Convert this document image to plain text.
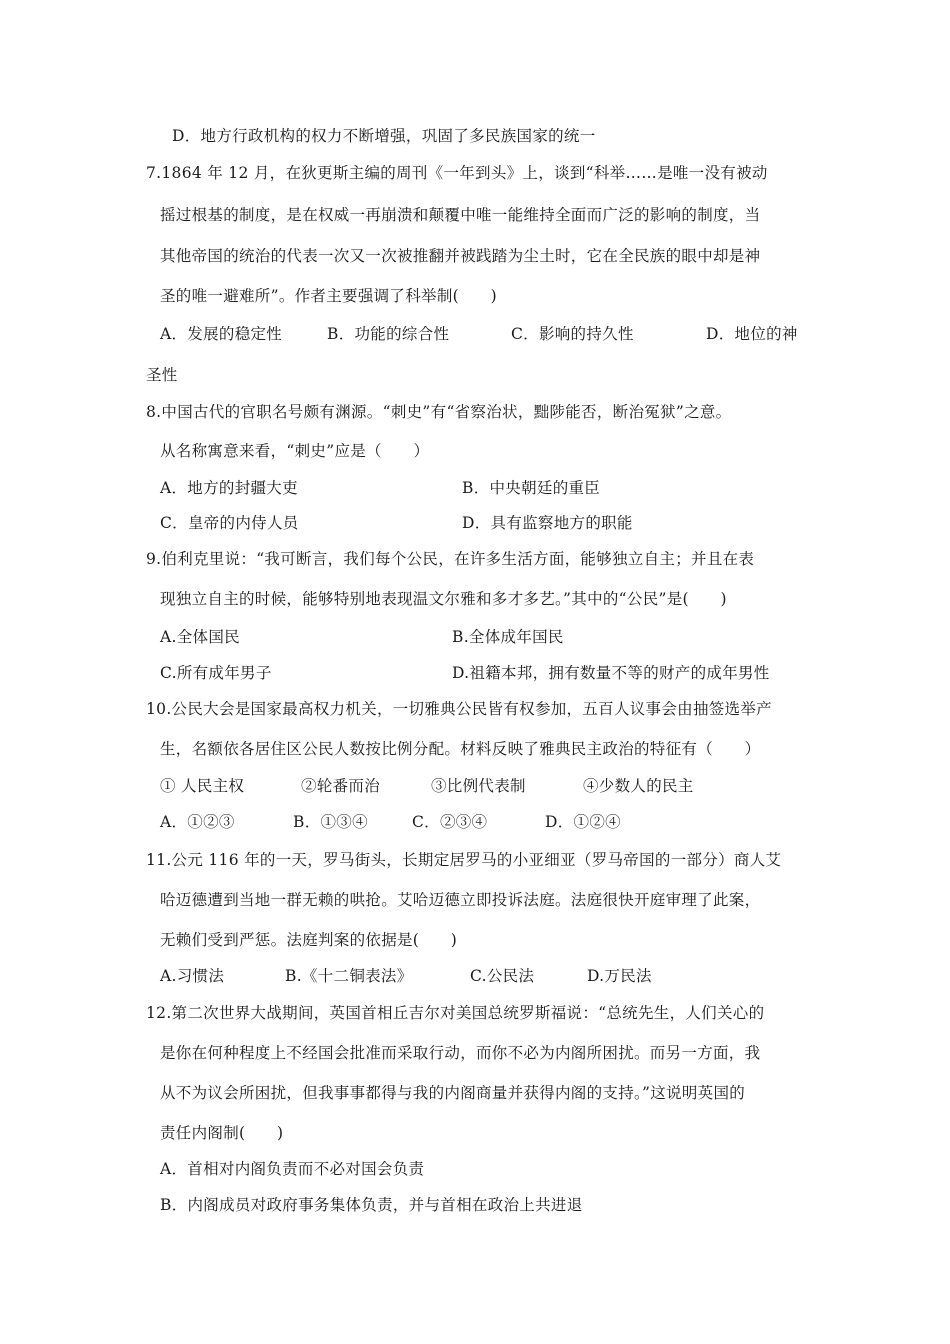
D．地方行政机构的权力不断增强，巩固了多民族国家的统一
7.1864 年 12 月，在狄更斯主编的周刊《一年到头》上，谈到“科举……是唯一没有被动
摇过根基的制度，是在权威一再崩溃和颠覆中唯一能维持全面而广泛的影响的制度，当
其他帝国的统治的代表一次又一次被推翻并被践踏为尘土时，它在全民族的眼中却是神
圣的唯一避难所”。作者主要强调了科举制(　　)
A．发展的稳定性	B．功能的综合性	C．影响的持久性	D．地位的神
圣性
8.中国古代的官职名号颇有渊源。“刺史”有“省察治状，黜陟能否，断治冤狱”之意。
从名称寓意来看，“刺史”应是（　　）
A．地方的封疆大吏	B．中央朝廷的重臣
C．皇帝的内侍人员	D．具有监察地方的职能
9.伯利克里说：“我可断言，我们每个公民，在许多生活方面，能够独立自主；并且在表
现独立自主的时候，能够特别地表现温文尔雅和多才多艺。”其中的“公民”是(　　)
A.全体国民	B.全体成年国民
C.所有成年男子	D.祖籍本邦，拥有数量不等的财产的成年男性
10.公民大会是国家最高权力机关，一切雅典公民皆有权参加，五百人议事会由抽签选举产
生，名额依各居住区公民人数按比例分配。材料反映了雅典民主政治的特征有（　　）
① 人民主权	②轮番而治	③比例代表制	④少数人的民主
A．①②③	B．①③④	C．②③④	D．①②④
11.公元 116 年的一天，罗马街头，长期定居罗马的小亚细亚（罗马帝国的一部分）商人艾
哈迈德遭到当地一群无赖的哄抢。艾哈迈德立即投诉法庭。法庭很快开庭审理了此案，
无赖们受到严惩。法庭判案的依据是(　　)
A.习惯法	B.《十二铜表法》	C.公民法	D.万民法
12.第二次世界大战期间，英国首相丘吉尔对美国总统罗斯福说：“总统先生，人们关心的
是你在何种程度上不经国会批准而采取行动，而你不必为内阁所困扰。而另一方面，我
从不为议会所困扰，但我事事都得与我的内阁商量并获得内阁的支持。”这说明英国的
责任内阁制(　　)
A．首相对内阁负责而不必对国会负责
B．内阁成员对政府事务集体负责，并与首相在政治上共进退
